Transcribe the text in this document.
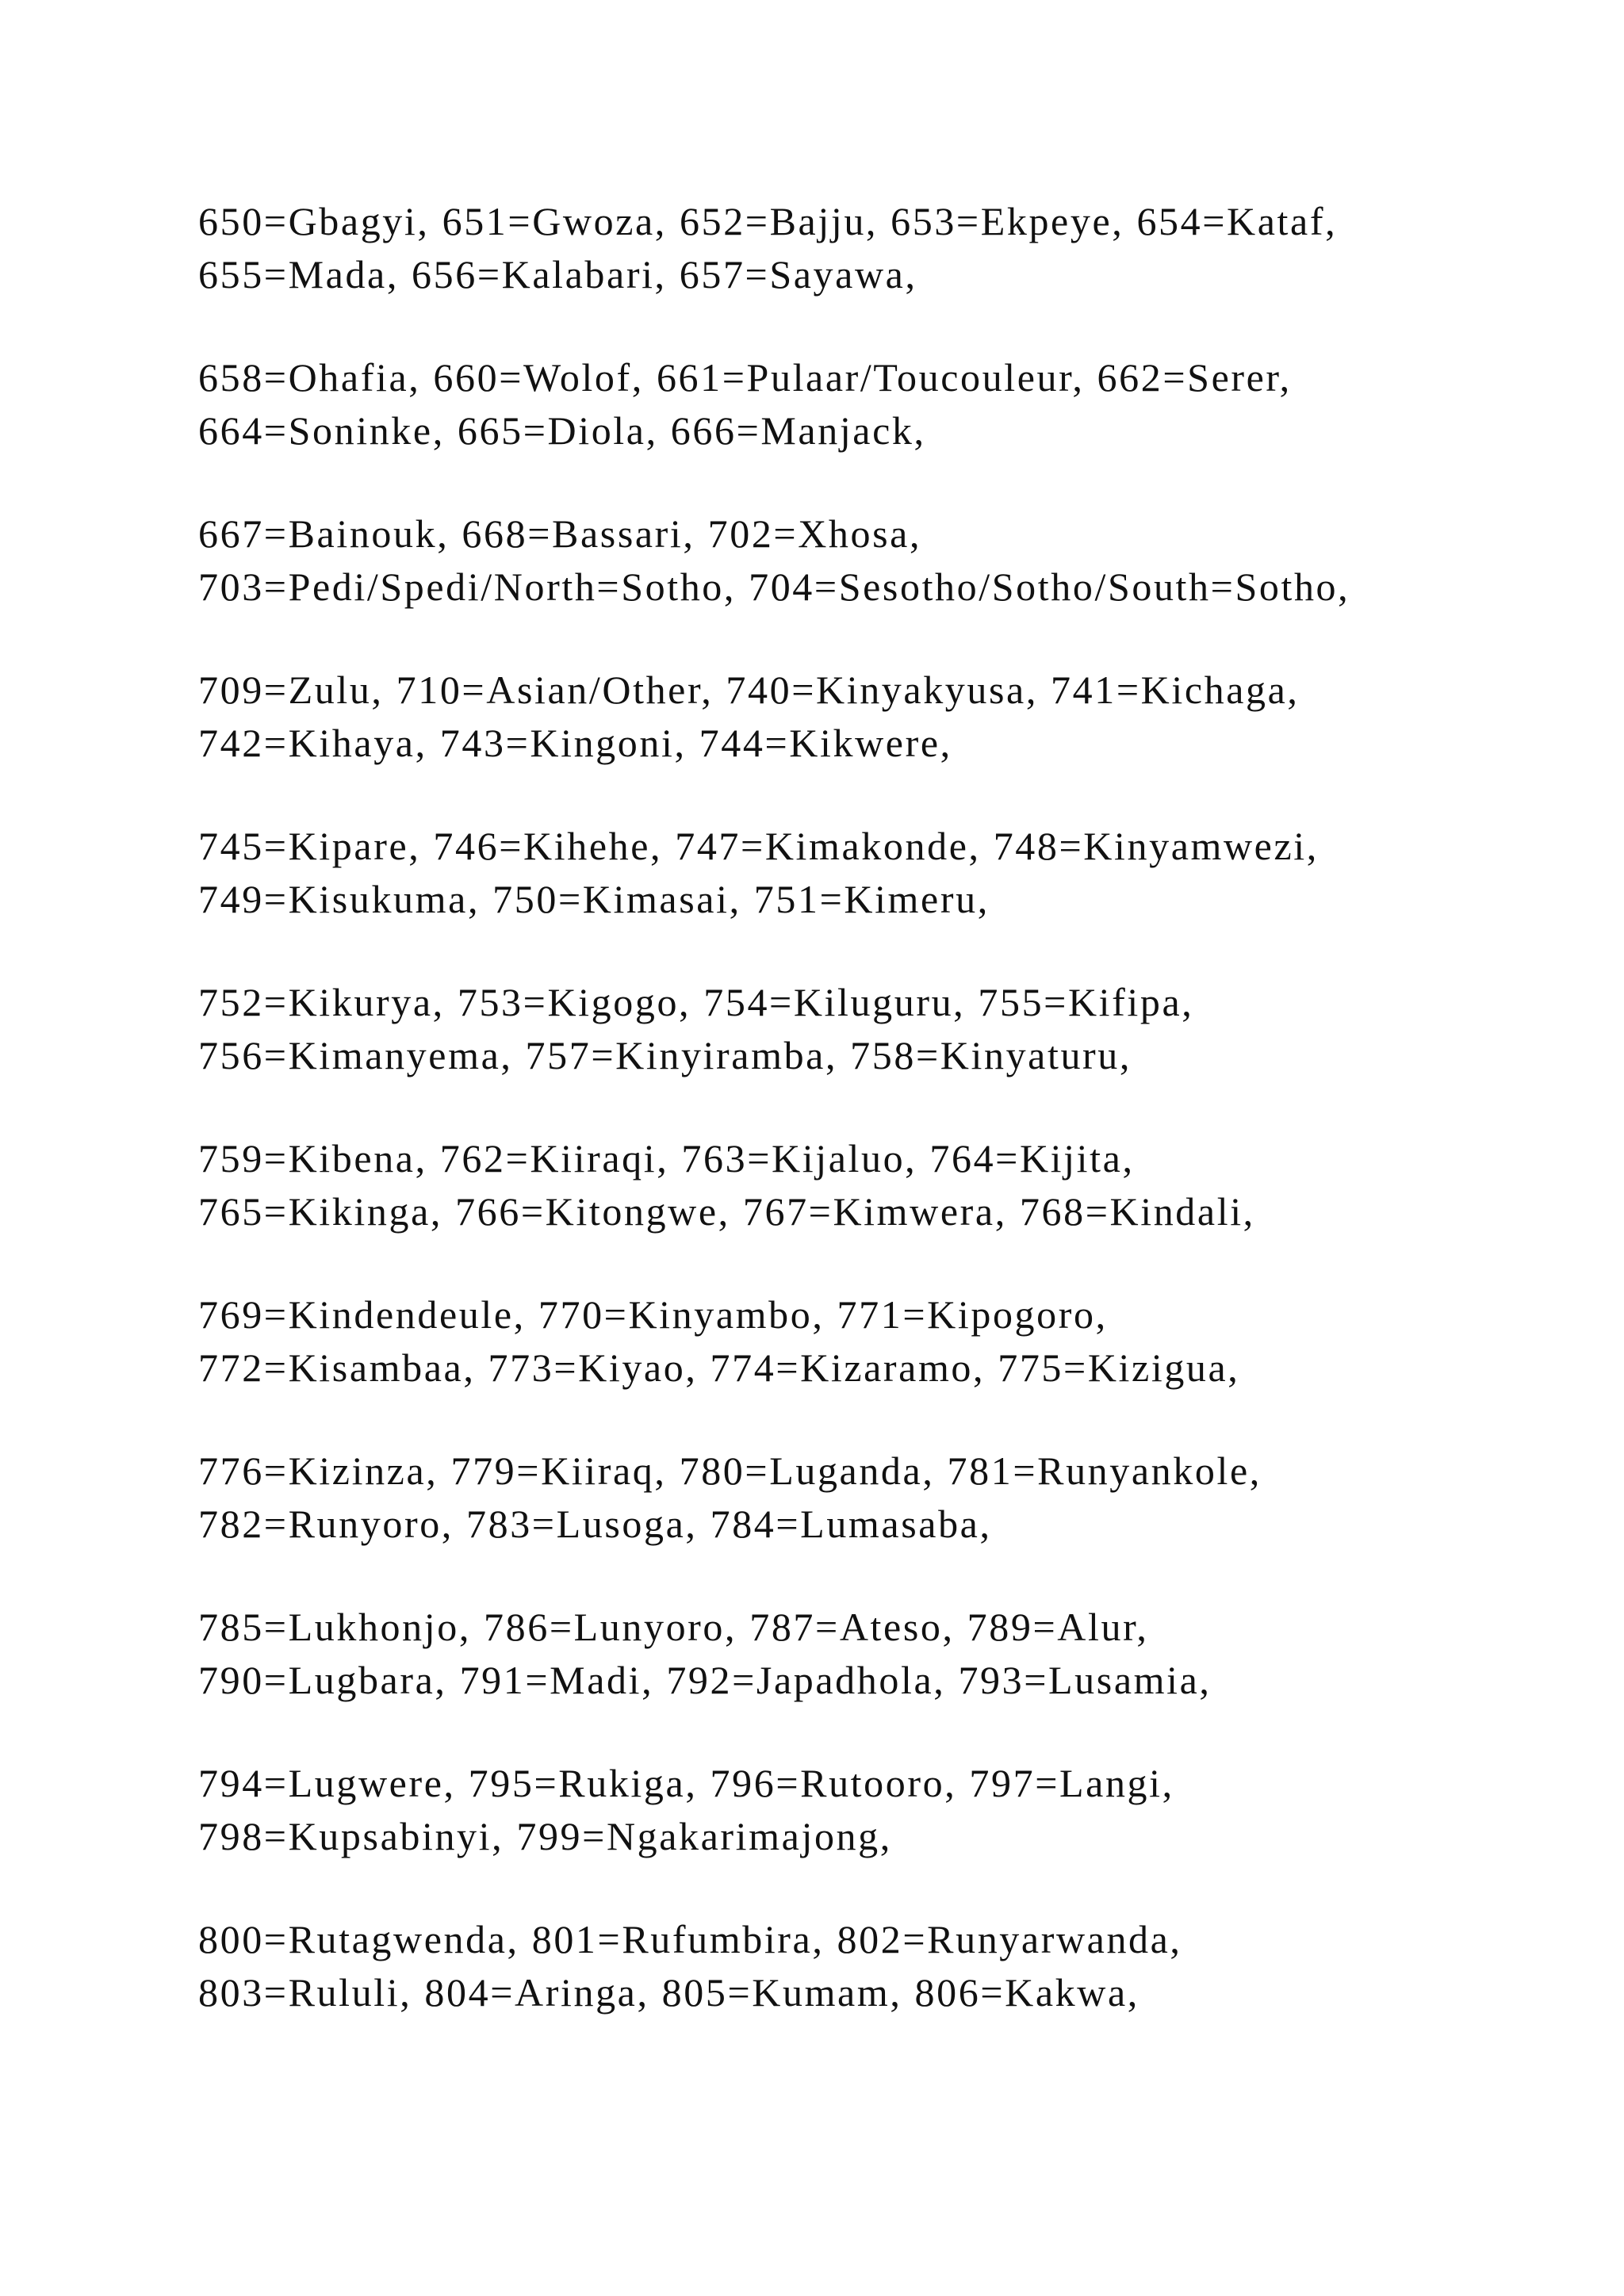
650=Gbagyi, 651=Gwoza, 652=Bajju, 653=Ekpeye, 654=Kataf,
655=Mada, 656=Kalabari, 657=Sayawa,
658=Ohafia, 660=Wolof, 661=Pulaar/Toucouleur, 662=Serer,
664=Soninke, 665=Diola, 666=Manjack,
667=Bainouk, 668=Bassari, 702=Xhosa,
703=Pedi/Spedi/North=Sotho, 704=Sesotho/Sotho/South=Sotho,
709=Zulu, 710=Asian/Other, 740=Kinyakyusa, 741=Kichaga,
742=Kihaya, 743=Kingoni, 744=Kikwere,
745=Kipare, 746=Kihehe, 747=Kimakonde, 748=Kinyamwezi,
749=Kisukuma, 750=Kimasai, 751=Kimeru,
752=Kikurya, 753=Kigogo, 754=Kiluguru, 755=Kifipa,
756=Kimanyema, 757=Kinyiramba, 758=Kinyaturu,
759=Kibena, 762=Kiiraqi, 763=Kijaluo, 764=Kijita,
765=Kikinga, 766=Kitongwe, 767=Kimwera, 768=Kindali,
769=Kindendeule, 770=Kinyambo, 771=Kipogoro,
772=Kisambaa, 773=Kiyao, 774=Kizaramo, 775=Kizigua,
776=Kizinza, 779=Kiiraq, 780=Luganda, 781=Runyankole,
782=Runyoro, 783=Lusoga, 784=Lumasaba,
785=Lukhonjo, 786=Lunyoro, 787=Ateso, 789=Alur,
790=Lugbara, 791=Madi, 792=Japadhola, 793=Lusamia,
794=Lugwere, 795=Rukiga, 796=Rutooro, 797=Langi,
798=Kupsabinyi, 799=Ngakarimajong,
800=Rutagwenda, 801=Rufumbira, 802=Runyarwanda,
803=Rululi, 804=Aringa, 805=Kumam, 806=Kakwa,
